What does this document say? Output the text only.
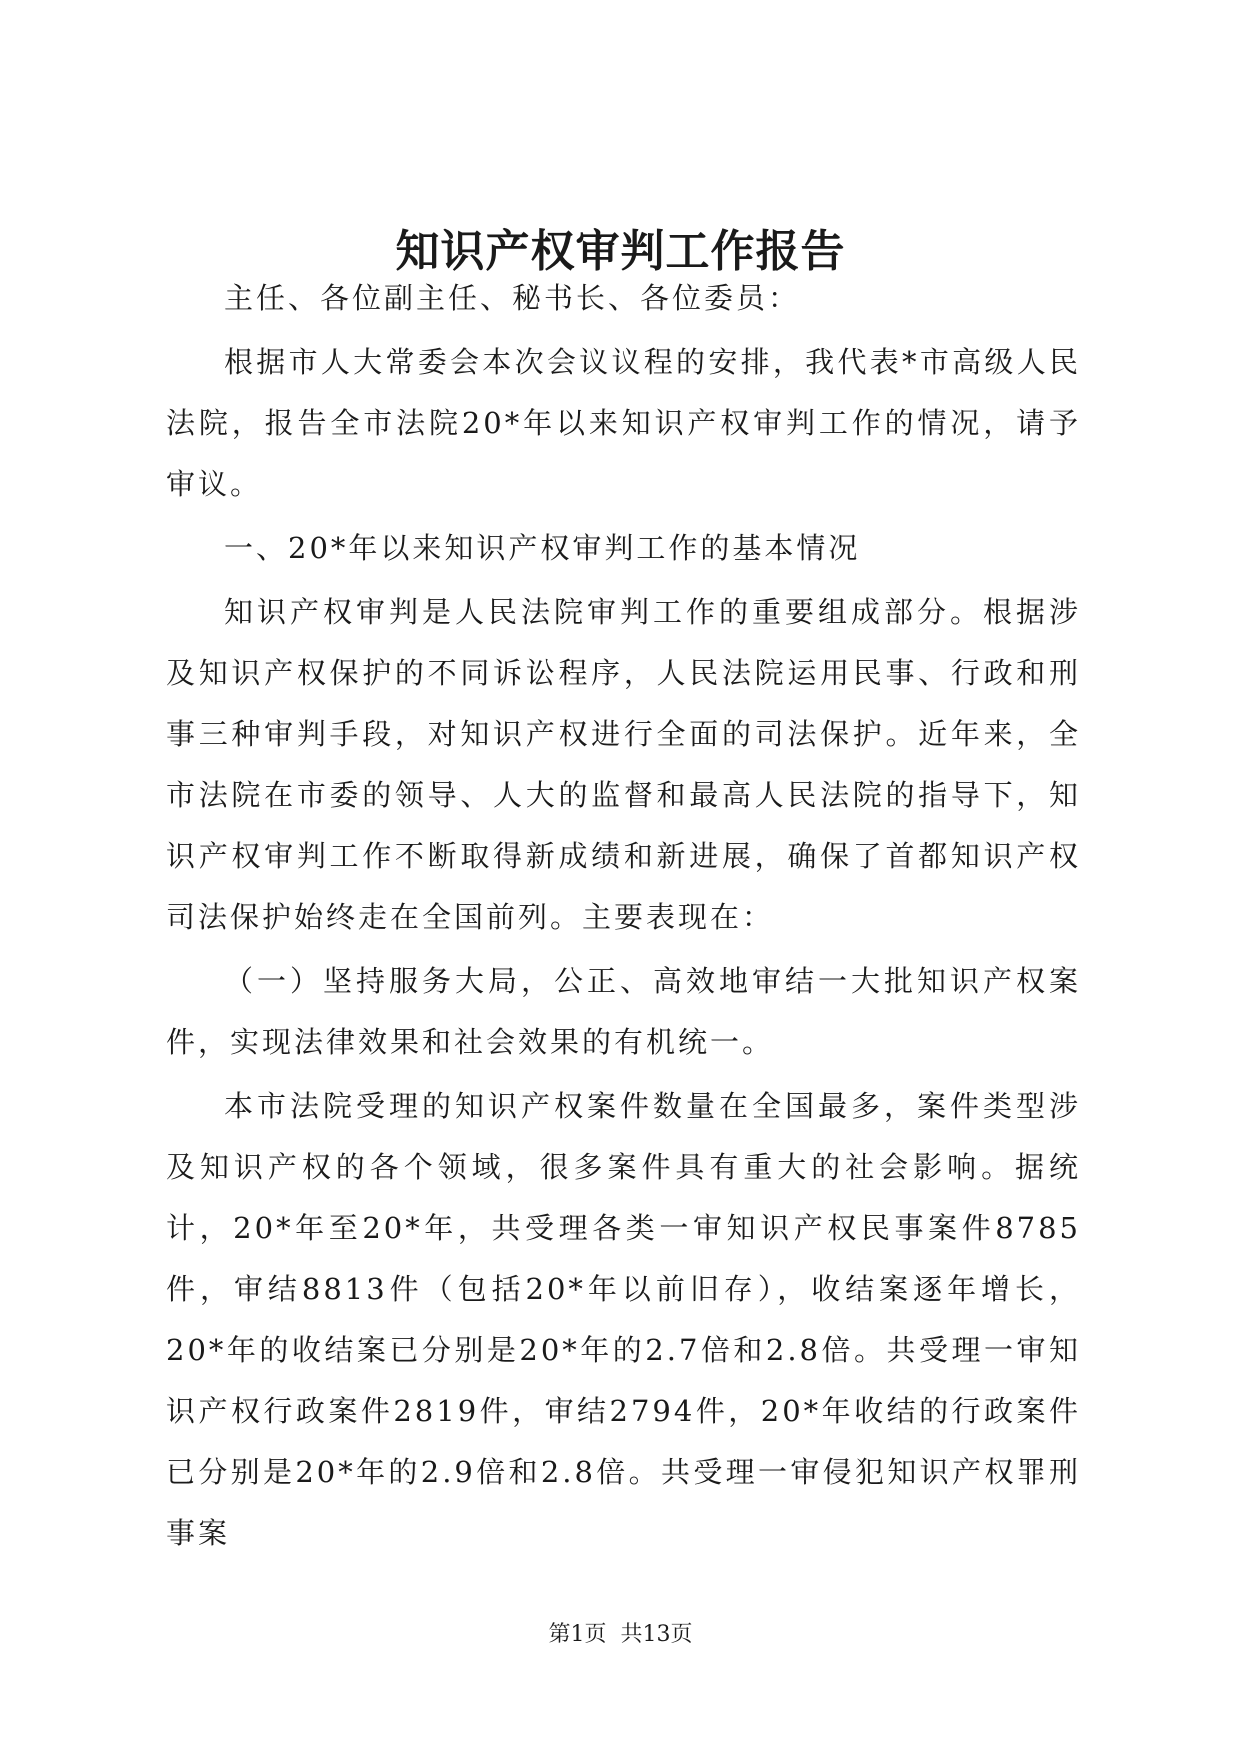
知识产权审判工作报告

主任、各位副主任、秘书长、各位委员：

根据市人大常委会本次会议议程的安排，我代表*市高级人民法院，报告全市法院20*年以来知识产权审判工作的情况，请予审议。

一、20*年以来知识产权审判工作的基本情况

知识产权审判是人民法院审判工作的重要组成部分。根据涉及知识产权保护的不同诉讼程序，人民法院运用民事、行政和刑事三种审判手段，对知识产权进行全面的司法保护。近年来，全市法院在市委的领导、人大的监督和最高人民法院的指导下，知识产权审判工作不断取得新成绩和新进展，确保了首都知识产权司法保护始终走在全国前列。主要表现在：

（一）坚持服务大局，公正、高效地审结一大批知识产权案件，实现法律效果和社会效果的有机统一。

本市法院受理的知识产权案件数量在全国最多，案件类型涉及知识产权的各个领域，很多案件具有重大的社会影响。据统计，20*年至20*年，共受理各类一审知识产权民事案件8785件，审结8813件（包括20*年以前旧存），收结案逐年增长，20*年的收结案已分别是20*年的2.7倍和2.8倍。共受理一审知识产权行政案件2819件，审结2794件，20*年收结的行政案件已分别是20*年的2.9倍和2.8倍。共受理一审侵犯知识产权罪刑事案

第1页 共13页
